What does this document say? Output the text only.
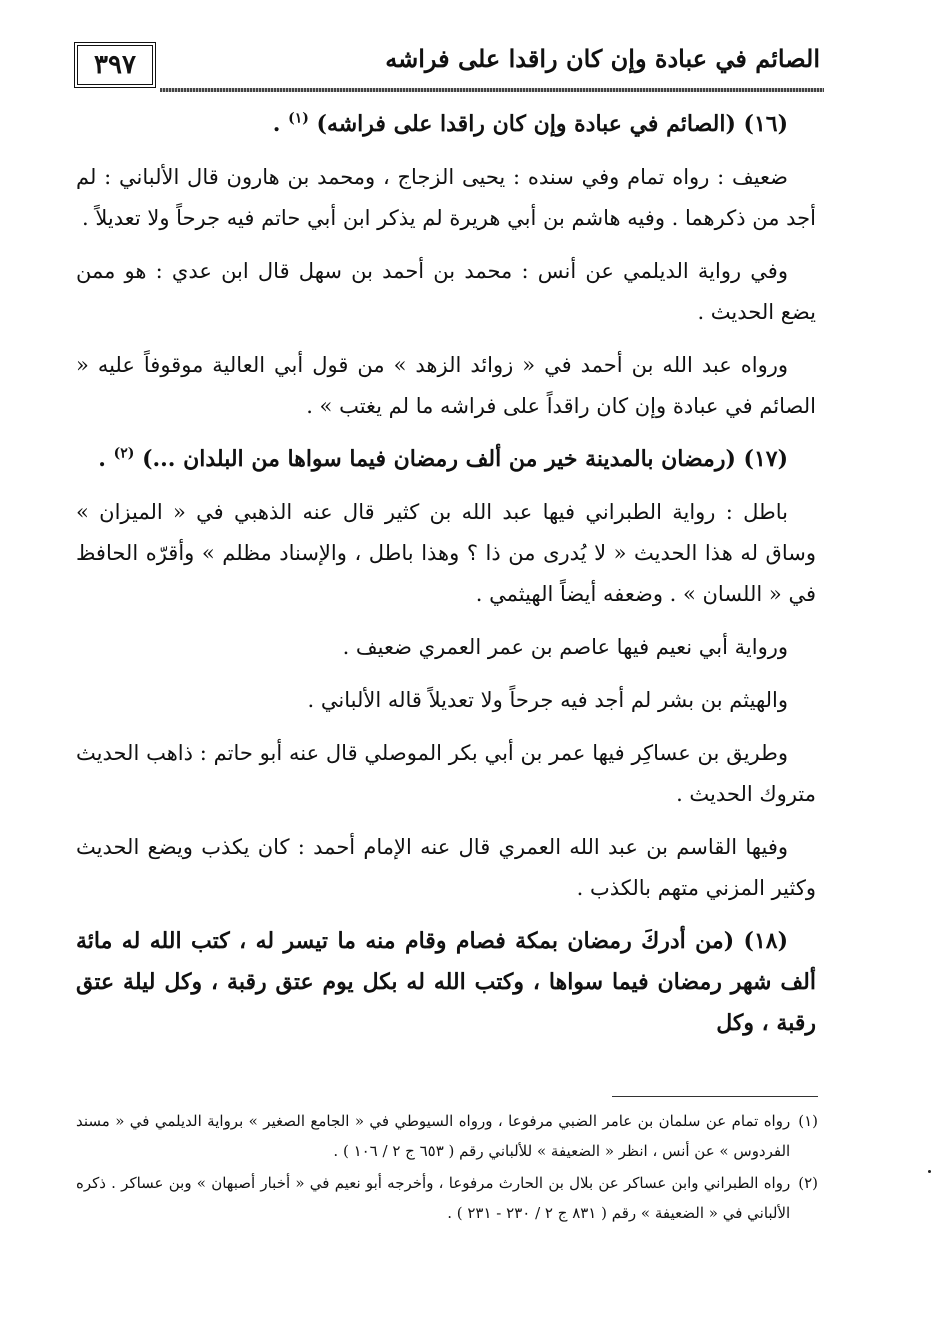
٣٩٧	الصائم في عبادة وإن كان راقدا على فراشه

(١٦) (الصائم في عبادة وإن كان راقدا على فراشه) $^{(١)}$ .

ضعيف : رواه تمام وفي سنده : يحيى الزجاج ، ومحمد بن هارون قال الألباني : لم أجد من ذكرهما . وفيه هاشم بن أبي هريرة لم يذكر ابن أبي حاتم فيه جرحاً ولا تعديلاً .

وفي رواية الديلمي عن أنس : محمد بن أحمد بن سهل قال ابن عدي : هو ممن يضع الحديث .

ورواه عبد الله بن أحمد في « زوائد الزهد » من قول أبي العالية موقوفاً عليه « الصائم في عبادة وإن كان راقداً على فراشه ما لم يغتب » .

(١٧) (رمضان بالمدينة خير من ألف رمضان فيما سواها من البلدان ...) $^{(٢)}$ .

باطل : رواية الطبراني فيها عبد الله بن كثير قال عنه الذهبي في « الميزان » وساق له هذا الحديث « لا يُدرى من ذا ؟ وهذا باطل ، والإسناد مظلم » وأقرّه الحافظ في « اللسان » . وضعفه أيضاً الهيثمي .

ورواية أبي نعيم فيها عاصم بن عمر العمري ضعيف .

والهيثم بن بشر لم أجد فيه جرحاً ولا تعديلاً قاله الألباني .

وطريق بن عساكِر فيها عمر بن أبي بكر الموصلي قال عنه أبو حاتم : ذاهب الحديث متروك الحديث .

وفيها القاسم بن عبد الله العمري قال عنه الإمام أحمد : كان يكذب ويضع الحديث وكثير المزني متهم بالكذب .

(١٨) (من أدركَ رمضان بمكة فصام وقام منه ما تيسر له ، كتب الله له مائة ألف شهر رمضان فيما سواها ، وكتب الله له بكل يوم عتق رقبة ، وكل ليلة عتق رقبة ، وكل

(١)
رواه تمام عن سلمان بن عامر الضبي مرفوعا ، ورواه السيوطي في « الجامع الصغير » برواية الديلمي في « مسند الفردوس » عن أنس ، انظر « الضعيفة » للألباني رقم ( ٦٥٣ ج ٢ / ١٠٦ ) .
(٢)
رواه الطبراني وابن عساكر عن بلال بن الحارث مرفوعا ، وأخرجه أبو نعيم في « أخبار أصبهان » وبن عساكر . ذكره الألباني في « الضعيفة » رقم ( ٨٣١ ج ٢ / ٢٣٠ - ٢٣١ ) .
